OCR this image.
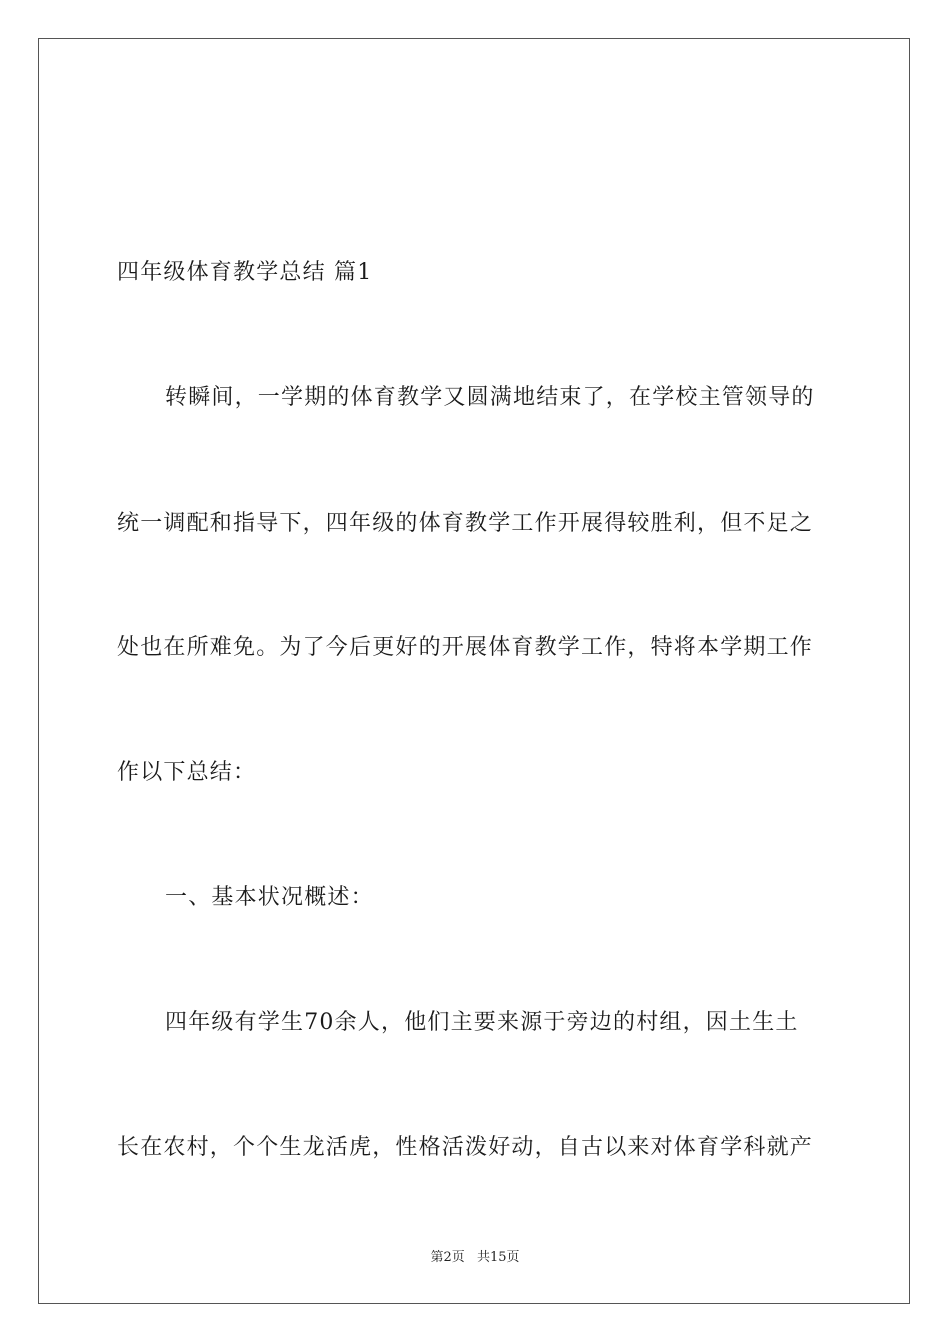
四年级体育教学总结 篇1
转瞬间，一学期的体育教学又圆满地结束了，在学校主管领导的
统一调配和指导下，四年级的体育教学工作开展得较胜利，但不足之
处也在所难免。为了今后更好的开展体育教学工作，特将本学期工作
作以下总结：
一、基本状况概述：
四年级有学生70余人，他们主要来源于旁边的村组，因土生土
长在农村，个个生龙活虎，性格活泼好动，自古以来对体育学科就产
第2页 共15页
